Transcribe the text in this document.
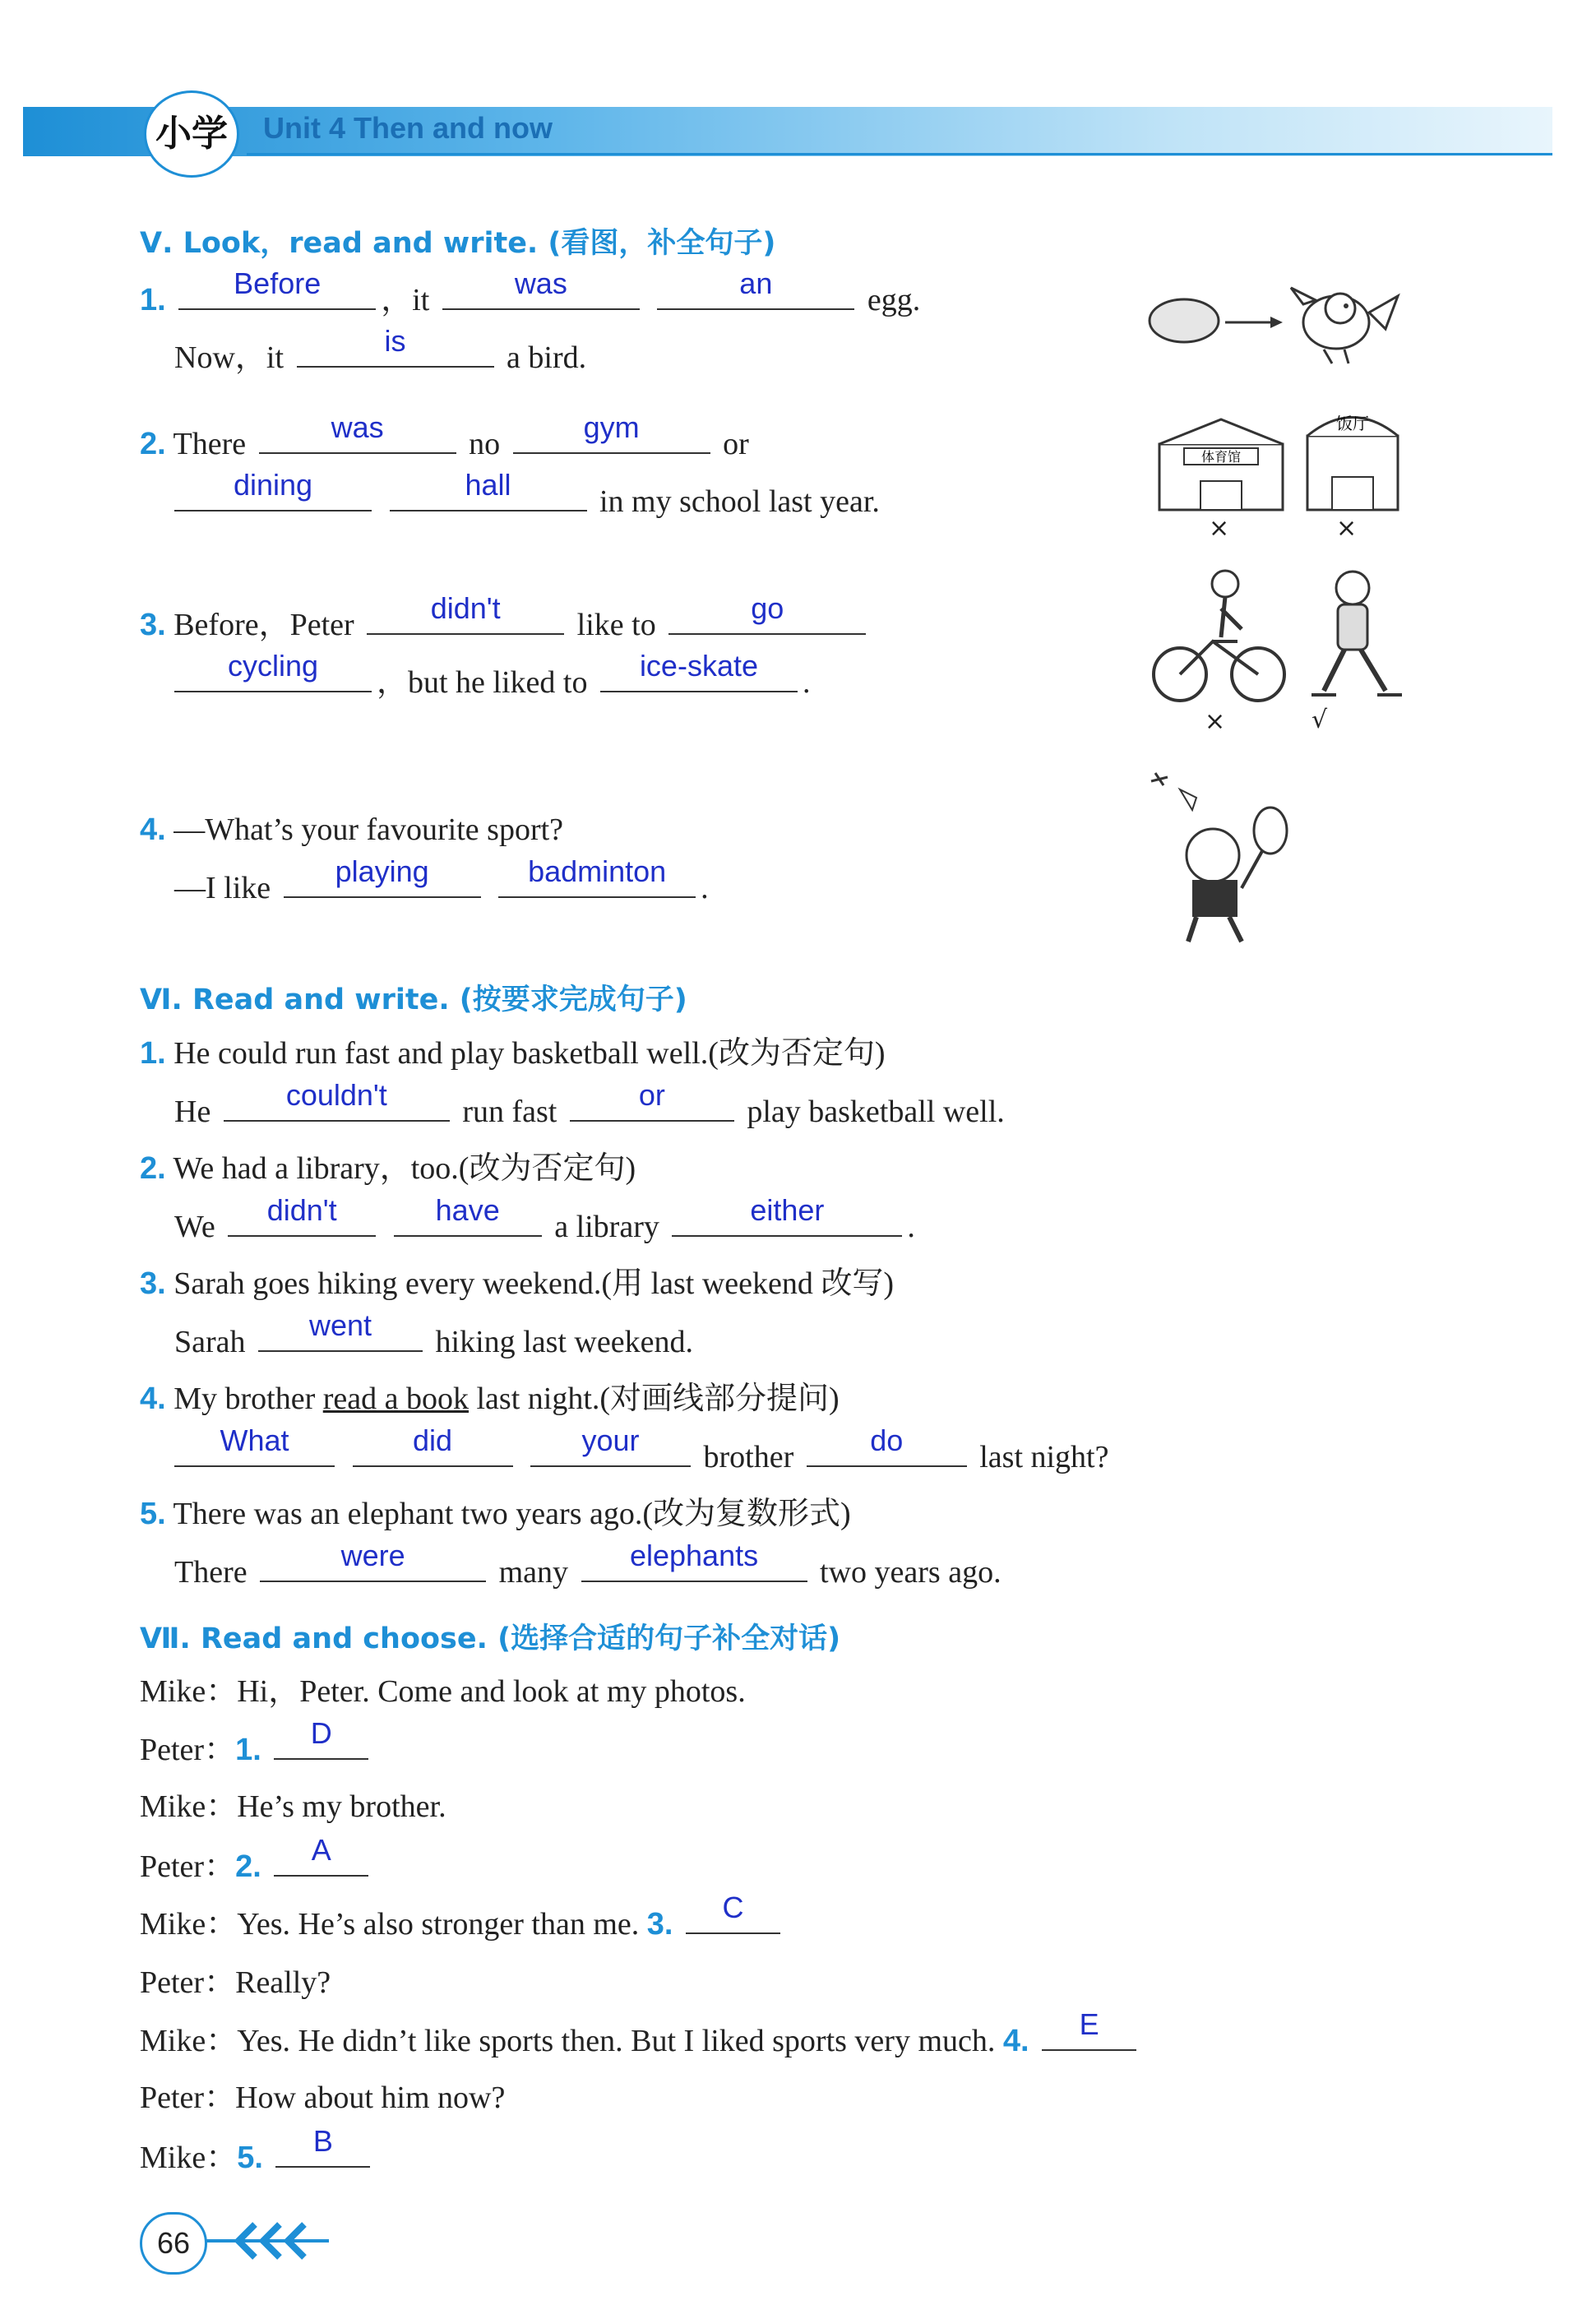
小学	Unit 4 Then and now
Ⅴ. Look，read and write. (看图，补全句子)
1.	Before	，it	was
	an	egg.
Now，it	is	a bird.
2. There	was	no	gym	or
dining
	hall	in my school last year.
体育馆
饭厅
×	×
3. Before，Peter	didn't	like to	go
cycling	，but he liked to	ice-skate	.
×	√
4. —What’s your favourite sport?
—I like	playing
	badminton	.
Ⅵ. Read and write. (按要求完成句子)
1. He could run fast and play basketball well.(改为否定句)
He	couldn't	run fast	or	play basketball well.
2. We had a library，too.(改为否定句)
We	didn't
	have	a library	either	.
3. Sarah goes hiking every weekend.(用 last weekend 改写)
Sarah	went	hiking last weekend.
4. My brother read a book last night.(对画线部分提问)
What
	did
	your	brother	do	last night?
5. There was an elephant two years ago.(改为复数形式)
There	were	many	elephants	two years ago.
Ⅶ. Read and choose. (选择合适的句子补全对话)
Mike：Hi，Peter. Come and look at my photos.
Peter：1.	D
Mike：He’s my brother.
Peter：2.	A
Mike：Yes. He’s also stronger than me. 3.	C
Peter：Really?
Mike：Yes. He didn’t like sports then. But I liked sports very much. 4.	E
Peter：How about him now?
Mike：5.	B
66
